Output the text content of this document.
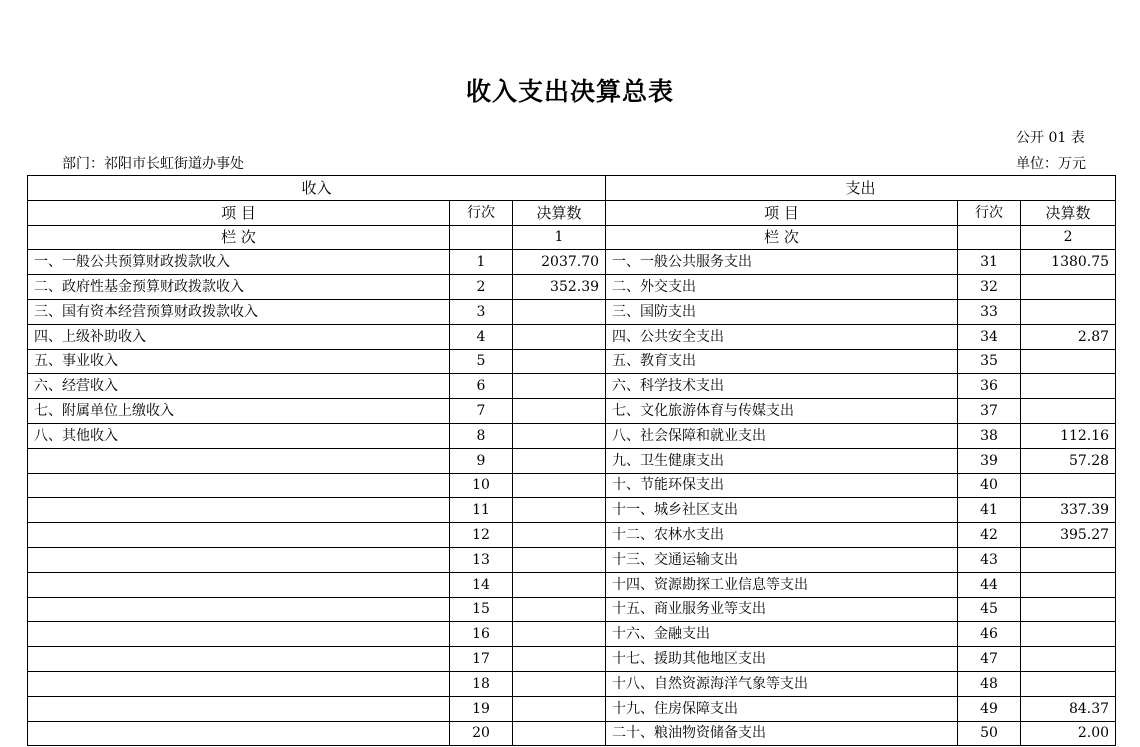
收入支出决算总表
公开 01 表
部门：祁阳市长虹街道办事处	单位：万元
收入			支出		
项 目	行次	决算数	项 目	行次	决算数
栏 次		1	栏 次		2
一、一般公共预算财政拨款收入	1	2037.70	一、一般公共服务支出	31	1380.75
二、政府性基金预算财政拨款收入	2	352.39	二、外交支出	32	
三、国有资本经营预算财政拨款收入	3		三、国防支出	33	
四、上级补助收入	4		四、公共安全支出	34	2.87
五、事业收入	5		五、教育支出	35	
六、经营收入	6		六、科学技术支出	36	
七、附属单位上缴收入	7		七、文化旅游体育与传媒支出	37	
八、其他收入	8		八、社会保障和就业支出	38	112.16
	9		九、卫生健康支出	39	57.28
	10		十、节能环保支出	40	
	11		十一、城乡社区支出	41	337.39
	12		十二、农林水支出	42	395.27
	13		十三、交通运输支出	43	
	14		十四、资源勘探工业信息等支出	44	
	15		十五、商业服务业等支出	45	
	16		十六、金融支出	46	
	17		十七、援助其他地区支出	47	
	18		十八、自然资源海洋气象等支出	48	
	19		十九、住房保障支出	49	84.37
	20		二十、粮油物资储备支出	50	2.00
